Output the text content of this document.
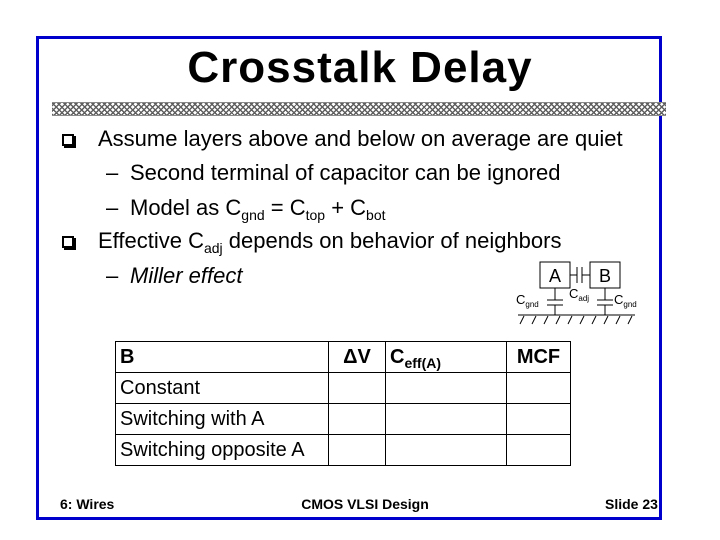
Crosstalk Delay
Assume layers above and below on average are quiet
– Second terminal of capacitor can be ignored
– Model as $C_{gnd} = C_{top} + C_{bot}$
Effective $C_{adj}$ depends on behavior of neighbors
– Miller effect	A B
$C_{gnd}$
$C_{adj}$ $C_{gnd}$
B	ΔV	$C_{eff(A)}$	MCF
Constant			
Switching with A			
Switching opposite A			
6: Wires	CMOS VLSI Design	Slide 23
